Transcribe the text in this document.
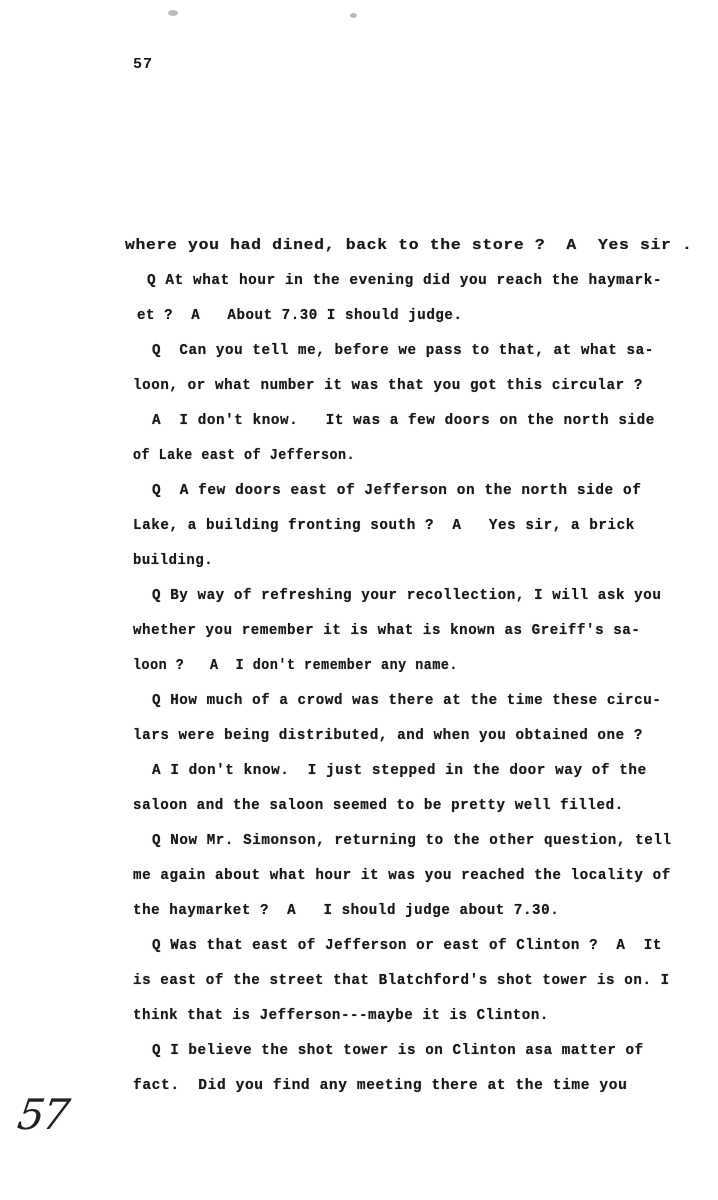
57
where you had dined, back to the store ?  A  Yes sir .
Q At what hour in the evening did you reach the haymark-
et ?  A   About 7.30 I should judge.
Q  Can you tell me, before we pass to that, at what sa-
loon, or what number it was that you got this circular ?
A  I don't know.   It was a few doors on the north side
of Lake east of Jefferson.
Q  A few doors east of Jefferson on the north side of
Lake, a building fronting south ?  A   Yes sir, a brick
building.
Q By way of refreshing your recollection, I will ask you
whether you remember it is what is known as Greiff's sa-
loon ?   A  I don't remember any name.
Q How much of a crowd was there at the time these circu-
lars were being distributed, and when you obtained one ?
A I don't know.  I just stepped in the door way of the
saloon and the saloon seemed to be pretty well filled.
Q Now Mr. Simonson, returning to the other question, tell
me again about what hour it was you reached the locality of
the haymarket ?  A   I should judge about 7.30.
Q Was that east of Jefferson or east of Clinton ?  A  It
is east of the street that Blatchford's shot tower is on. I
think that is Jefferson---maybe it is Clinton.
Q I believe the shot tower is on Clinton asa matter of
fact.  Did you find any meeting there at the time you
57
